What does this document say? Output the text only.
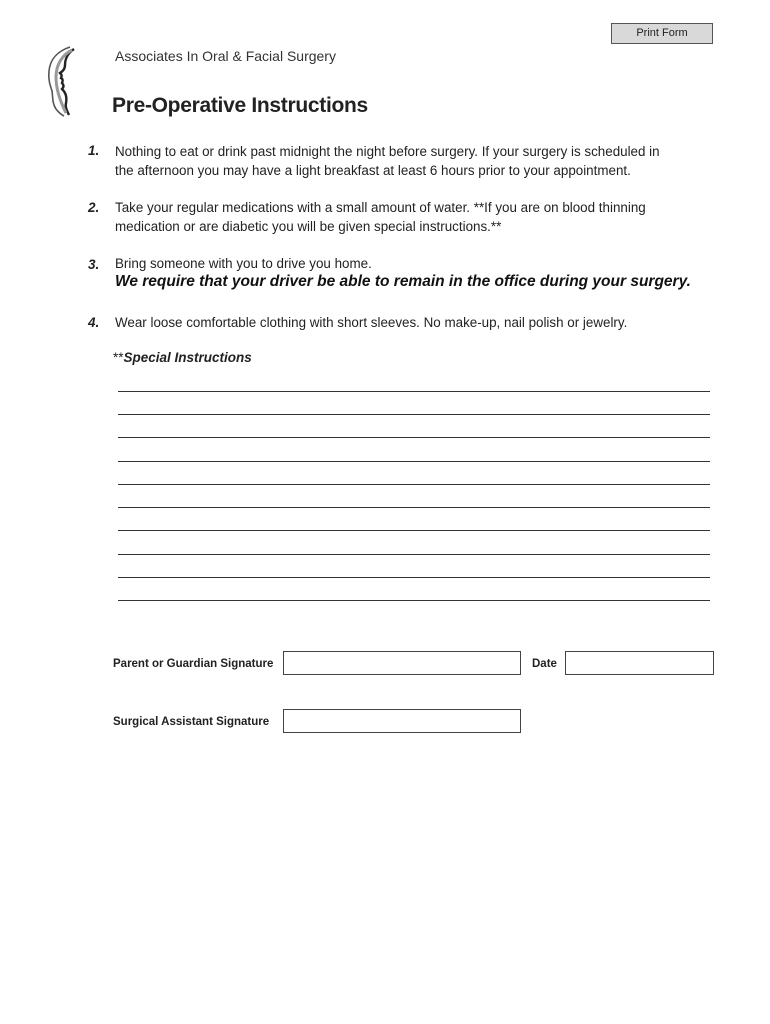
Print Form
Associates In Oral & Facial Surgery
Pre-Operative Instructions
1. Nothing to eat or drink past midnight the night before surgery. If your surgery is scheduled in
the afternoon you may have a light breakfast at least 6 hours prior to your appointment.
2. Take your regular medications with a small amount of water. **If you are on blood thinning
medication or are diabetic you will be given special instructions.**
3. Bring someone with you to drive you home.
We require that your driver be able to remain in the office during your surgery.
4. Wear loose comfortable clothing with short sleeves. No make-up, nail polish or jewelry.
**Special Instructions
Parent or Guardian Signature	Date
Surgical Assistant Signature
